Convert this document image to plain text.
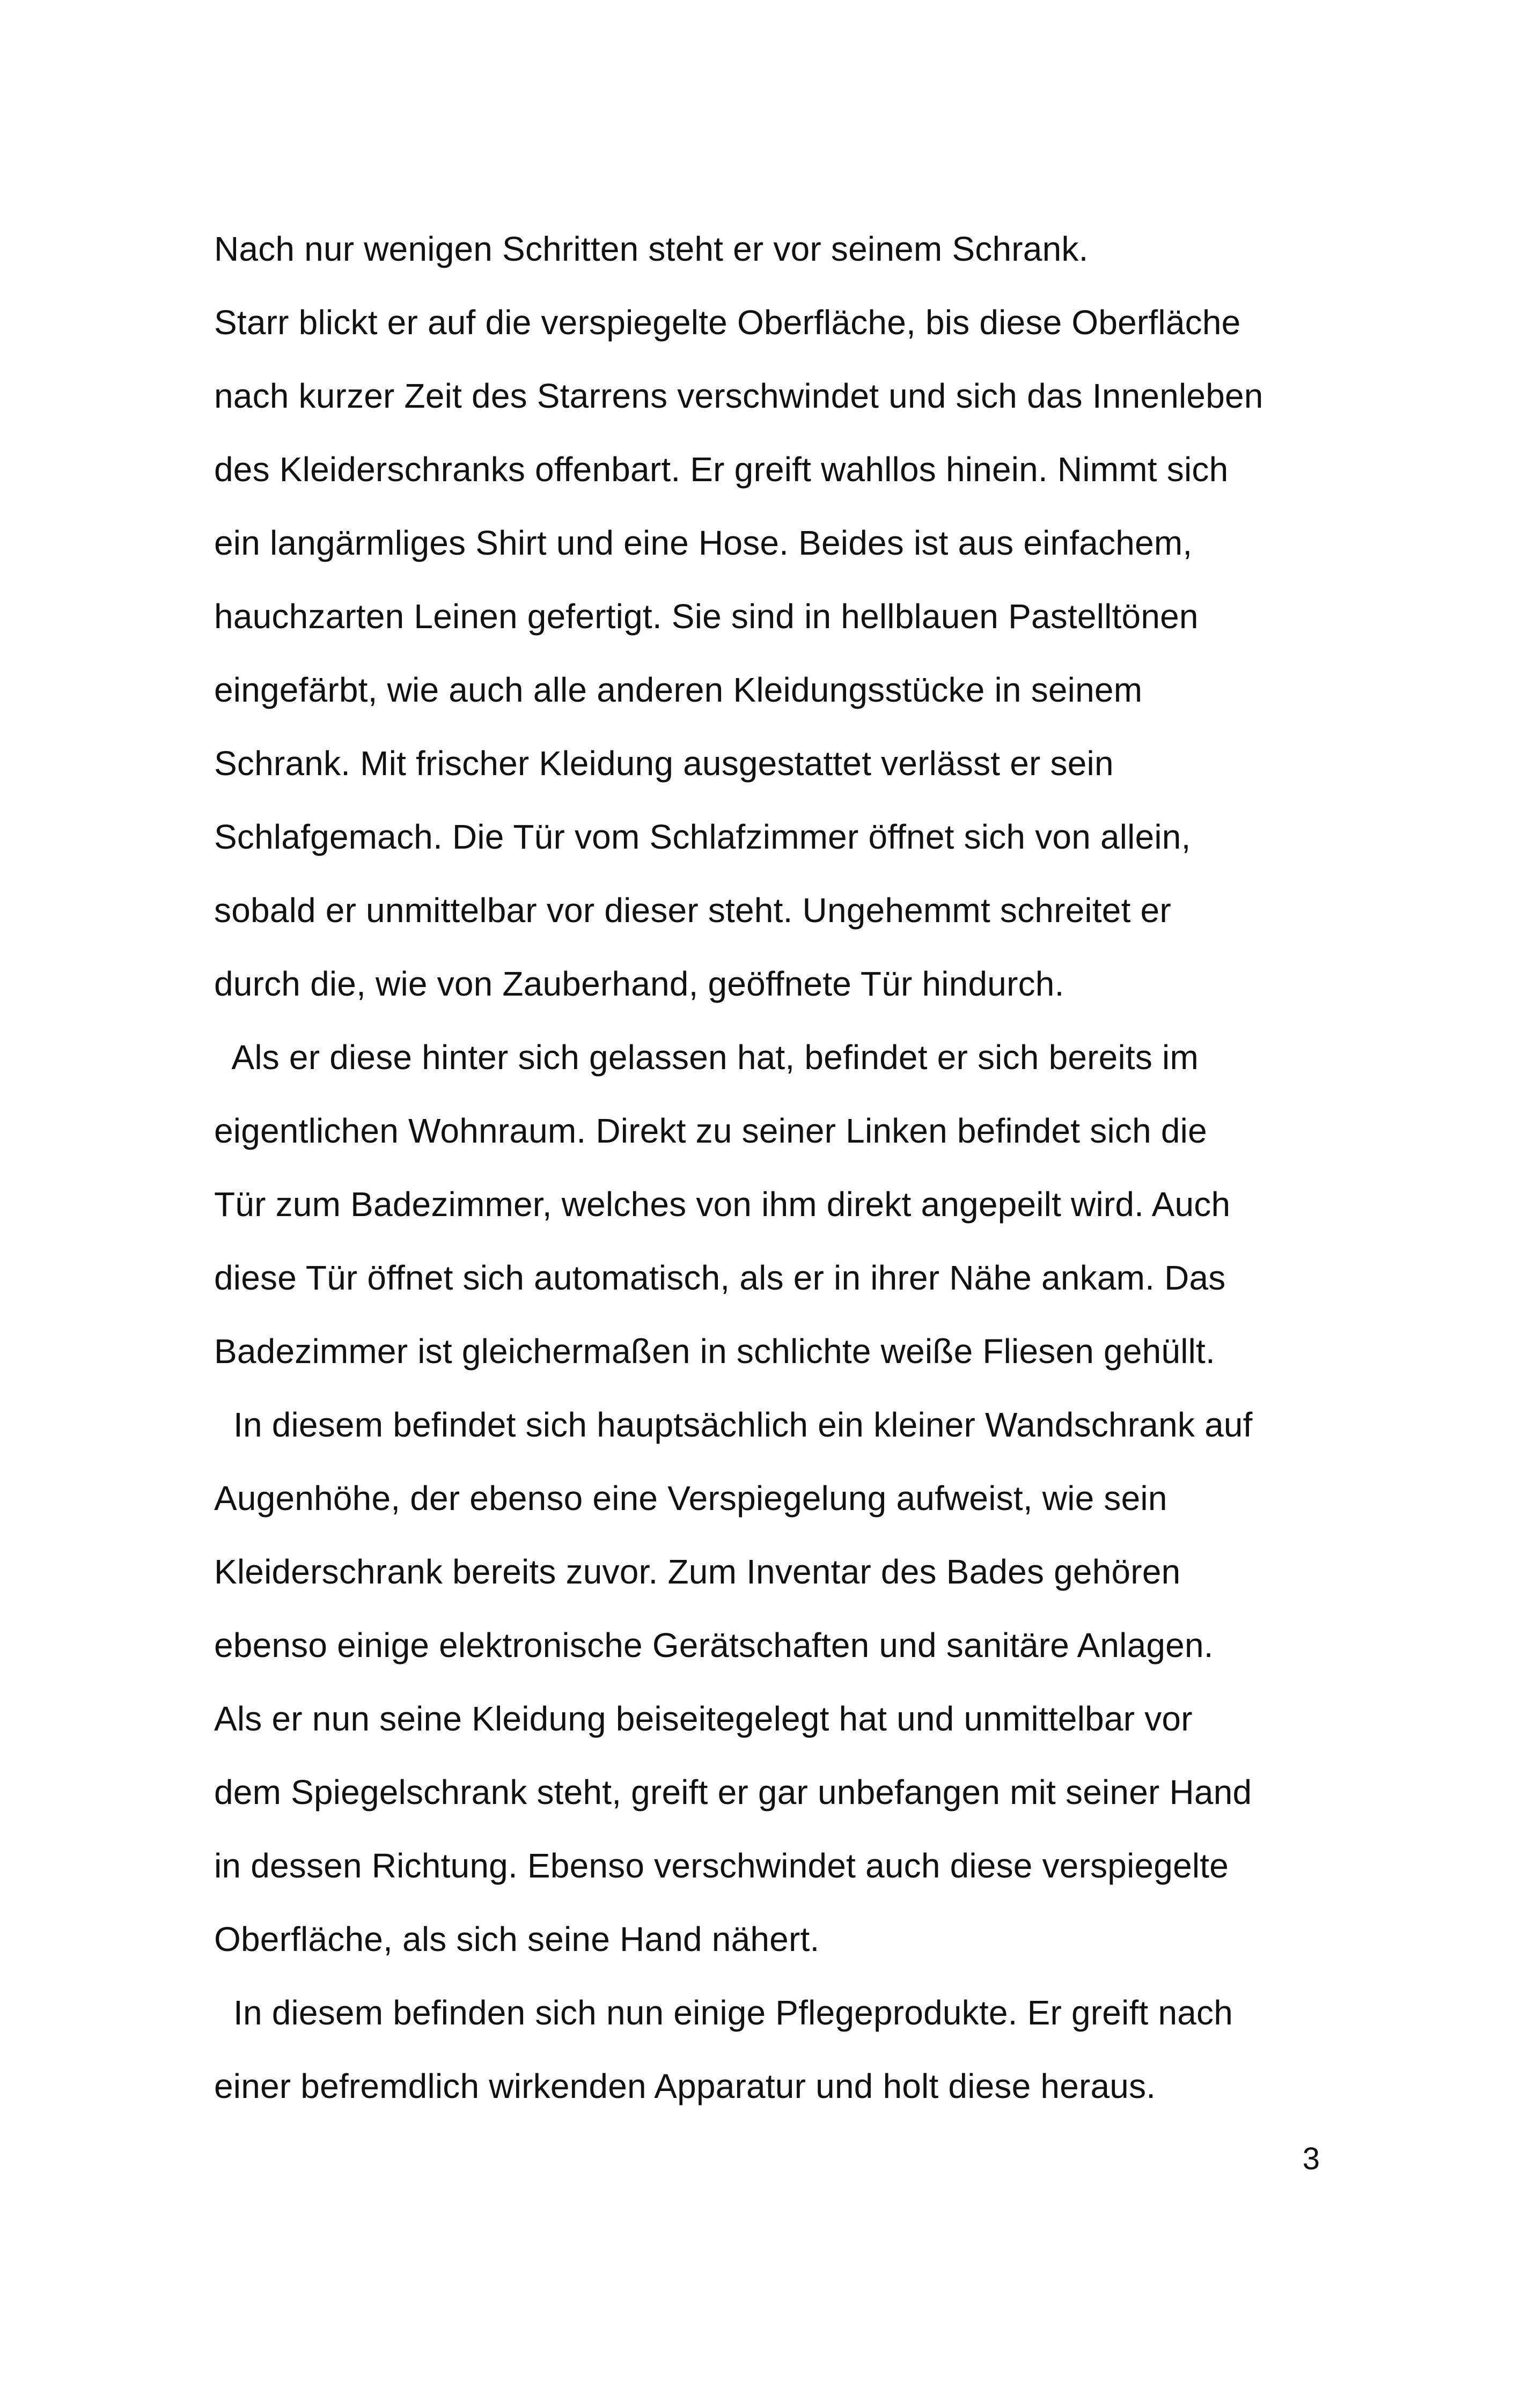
Nach nur wenigen Schritten steht er vor seinem Schrank.
Starr blickt er auf die verspiegelte Oberfläche, bis diese Oberfläche
nach kurzer Zeit des Starrens verschwindet und sich das Innenleben
des Kleiderschranks offenbart. Er greift wahllos hinein. Nimmt sich
ein langärmliges Shirt und eine Hose. Beides ist aus einfachem,
hauchzarten Leinen gefertigt. Sie sind in hellblauen Pastelltönen
eingefärbt, wie auch alle anderen Kleidungsstücke in seinem
Schrank. Mit frischer Kleidung ausgestattet verlässt er sein
Schlafgemach. Die Tür vom Schlafzimmer öffnet sich von allein,
sobald er unmittelbar vor dieser steht. Ungehemmt schreitet er
durch die, wie von Zauberhand, geöffnete Tür hindurch.
Als er diese hinter sich gelassen hat, befindet er sich bereits im
eigentlichen Wohnraum. Direkt zu seiner Linken befindet sich die
Tür zum Badezimmer, welches von ihm direkt angepeilt wird. Auch
diese Tür öffnet sich automatisch, als er in ihrer Nähe ankam. Das
Badezimmer ist gleichermaßen in schlichte weiße Fliesen gehüllt.
In diesem befindet sich hauptsächlich ein kleiner Wandschrank auf
Augenhöhe, der ebenso eine Verspiegelung aufweist, wie sein
Kleiderschrank bereits zuvor. Zum Inventar des Bades gehören
ebenso einige elektronische Gerätschaften und sanitäre Anlagen.
Als er nun seine Kleidung beiseitegelegt hat und unmittelbar vor
dem Spiegelschrank steht, greift er gar unbefangen mit seiner Hand
in dessen Richtung. Ebenso verschwindet auch diese verspiegelte
Oberfläche, als sich seine Hand nähert.
In diesem befinden sich nun einige Pflegeprodukte. Er greift nach
einer befremdlich wirkenden Apparatur und holt diese heraus.
3
